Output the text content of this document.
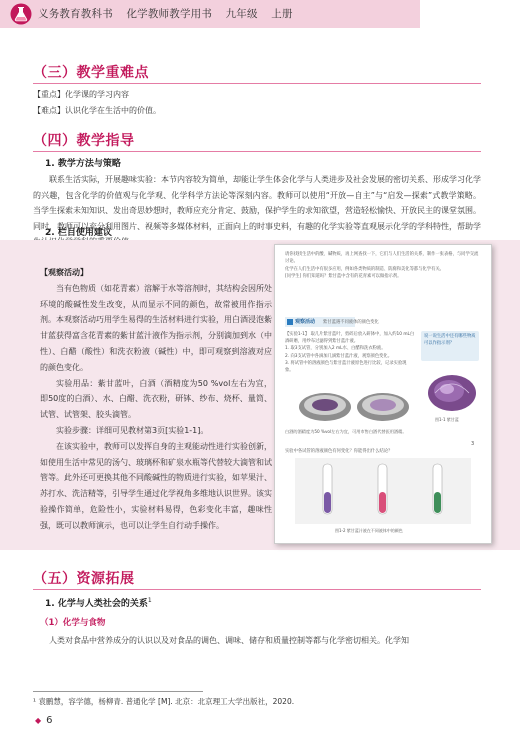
义务教育教科书 化学教师教学用书 九年级 上册
（三）教学重难点
【重点】化学课的学习内容
【难点】认识化学在生活中的价值。
（四）教学指导
1. 教学方法与策略
联系生活实际，开展趣味实验：本节内容较为简单，却能让学生体会化学与人类进步及社会发展的密切关系、形成学习化学的兴趣，包含化学的价值观与化学观、化学科学方法论等深刻内容。教师可以使用“开放—自主”与“启发—探索”式教学策略。当学生探索未知知识、发出奇思妙想时，教师应充分肯定、鼓励，保护学生的求知欲望，营造轻松愉快、开放民主的课堂氛围。同时，教师可以充分利用图片、视频等多媒体材料，正面向上的时事史料，有趣的化学实验等直观展示化学的学科特性，帮助学
2. 栏目使用建议
【观察活动】
当有色物质（如花青素）溶解于水等溶剂时，其结构会因所处环境的酸碱性发生改变，从而显示不同的颜色，故常被用作指示剂。本观察活动巧用学生易得的生活材料进行实验，用白酒浸泡紫甘蓝获得富含花青素的紫甘蓝汁液作为指示剂，分别滴加到水（中性）、白醋（酸性）和洗衣粉液（碱性）中，即可观察到溶液对应的颜色变化。
实验用品：紫甘蓝叶，白酒（酒精度为50 %vol左右为宜，即50度的白酒）、水、白醋、洗衣粉，研钵、纱布、烧杯、量筒、试管、试管架、胶头滴管。
实验步骤：详细可见教材第3页[实验1-1]。
在该实验中，教师可以发挥自身的主观能动性进行实验创新，如使用生活中常见的汤勺、玻璃杯和矿泉水瓶等代替较大滴管和试管等。此外还可更换其他不同酸碱性的物质进行实验，如苹果汁、苏打水、洗洁精等，引导学生通过化学视角多维地认识世界。该实验操作简单，危险性小，实验材料易得，色彩变化丰富，趣味性强，既可以教师演示，也可以让学生自行动手操作。
请你找找生活中的酸、碱物质，再上网查找一下，它们与人们生活的关系，制作一张表格，与同学交流讨论。
化学在人们生活中有很多应用，例如各类物质的制造、防腐和美化等都与化学有关。
[问学生] 你们知道吗？紫甘蓝中含有的花青素可以做指示剂。
观察活动 紫甘蓝遇不同液体的颜色变化
【实验1-1】 取几片紫甘蓝叶，剪碎后放入研钵中，加入约10 mL白酒研磨，用纱布过滤得到紫甘蓝汁液。
1. 取3支试管，分别加入2 mL水、白醋和洗衣粉液。
2. 向3支试管中各滴加几滴紫甘蓝汁液，观察颜色变化。
3. 将试管中的溶液颜色与紫甘蓝汁液原色进行比较，记录实验现象。
说一说生活中还有哪些物质可以作指示剂？
图1-1 紫甘蓝
白酒的酒精度为50 %vol左右为宜，可用市售白酒代替医用酒精。
3
实验中各试管的溶液颜色有何变化？你能得出什么结论？
图1-2 紫甘蓝汁液在不同液体中的颜色
（五）资源拓展
1. 化学与人类社会的关系$^1$
（1）化学与食物
人类对食品中营养成分的认识以及对食品的调色、调味、储存和质量控制等都与化学密切相关。化学知
¹ 袁鹏慧，容学德，杨柳青. 普通化学 [M]. 北京：北京理工大学出版社，2020.
◆ 6
